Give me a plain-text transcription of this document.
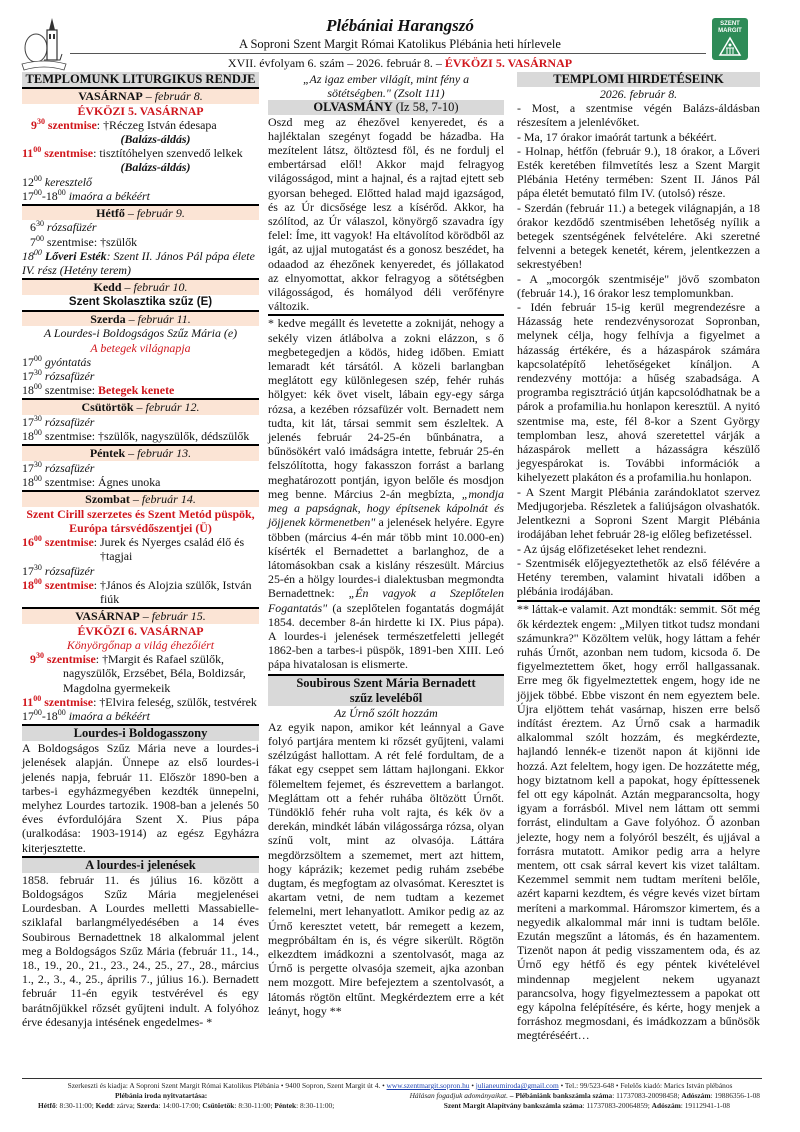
Plébániai Harangszó
A Soproni Szent Margit Római Katolikus Plébánia heti hírlevele
XVII. évfolyam 6. szám – 2026. február 8. – ÉVKÖZI 5. VASÁRNAP
SZENT MARGIT
TEMPLOMUNK LITURGIKUS RENDJE
VASÁRNAP – február 8.
ÉVKÖZI 5. VASÁRNAP
$9^{30}$ szentmise: †Réczeg István édesapa
(Balázs-áldás)
$11^{00}$ szentmise: tisztítóhelyen szenvedő lelkek
(Balázs-áldás)
$12^{00}$ keresztelő
$17^{00}-18^{00}$ imaóra a békéért
Hétfő – február 9.
$6^{30}$ rózsafüzér
$7^{00}$ szentmise: †szülők
$18^{00}$ Lőveri Esték: Szent II. János Pál pápa élete IV. rész (Hetény terem)
Kedd – február 10.
Szent Skolasztika szűz (E)
Szerda – február 11.
A Lourdes-i Boldogságos Szűz Mária (e)
A betegek világnapja
$17^{00}$ gyóntatás
$17^{30}$ rózsafüzér
$18^{00}$ szentmise: Betegek kenete
Csütörtök – február 12.
$17^{30}$ rózsafüzér
$18^{00}$ szentmise: †szülők, nagyszülők, dédszülők
Péntek – február 13.
$17^{30}$ rózsafüzér
$18^{00}$ szentmise: Ágnes unoka
Szombat – február 14.
Szent Cirill szerzetes és Szent Metód püspök, Európa társvédőszentjei (Ü)
$16^{00}$ szentmise: Jurek és Nyerges család élő és †tagjai
$17^{30}$ rózsafüzér
$18^{00}$ szentmise: †János és Alojzia szülők, István fiúk
VASÁRNAP – február 15.
ÉVKÖZI 6. VASÁRNAP
Könyörgőnap a világ éhezőiért
$9^{30}$ szentmise: †Margit és Rafael szülők, nagyszülők, Erzsébet, Béla, Boldizsár, Magdolna gyermekeik
$11^{00}$ szentmise: †Elvira feleség, szülők, testvérek
$17^{00}-18^{00}$ imaóra a békéért
Lourdes-i Boldogasszony

A Boldogságos Szűz Mária neve a lourdes-i jelenések alapján. Ünnepe az első lourdes-i jelenés napja, február 11. Először 1890-ben a tarbes-i egyházmegyében kezdték ünnepelni, melyhez Lourdes tartozik. 1908-ban a jelenés 50 éves évfordulójára Szent X. Pius pápa (uralkodása: 1903-1914) az egész Egyházra kiterjesztette.

A lourdes-i jelenések

1858. február 11. és július 16. között a Boldogságos Szűz Mária megjelenései Lourdesban. A Lourdes melletti Massabielle-sziklafal barlangmélyedésében a 14 éves Soubirous Bernadettnek 18 alkalommal jelent meg a Boldogságos Szűz Mária (február 11., 14., 18., 19., 20., 21., 23., 24., 25., 27., 28., március 1., 2., 3., 4., 25., április 7., július 16.). Bernadett február 11-én egyik testvérével és egy barátnőjükkel rőzsét gyűjteni indult. A folyóhoz érve édesanyja intésének engedelmes- *

„Az igaz ember világít, mint fény a sötétségben." (Zsolt 111)
OLVASMÁNY (Iz 58, 7-10)

Oszd meg az éhezővel kenyeredet, és a hajléktalan szegényt fogadd be házadba. Ha mezítelent látsz, öltöztesd föl, és ne fordulj el embertársad elől! Akkor majd felragyog világosságod, mint a hajnal, és a rajtad ejtett seb gyorsan beheged. Előtted halad majd igazságod, és az Úr dicsősége lesz a kísérőd. Akkor, ha szólítod, az Úr válaszol, könyörgő szavadra így felel: Íme, itt vagyok! Ha eltávolítod körödből az igát, az ujjal mutogatást és a gonosz beszédet, ha odaadod az éhezőnek kenyeredet, és jóllakatod az elnyomottat, akkor felragyog a sötétségben világosságod, és homályod déli verőfényre változik.

* kedve megállt és levetette a zokniját, nehogy a sekély vizen átlábolva a zokni elázzon, s ő megbetegedjen a ködös, hideg időben. Emiatt lemaradt két társától. A közeli barlangban meglátott egy különlegesen szép, fehér ruhás hölgyet: kék övet viselt, lábain egy-egy sárga rózsa, a kezében rózsafüzér volt. Bernadett nem tudta, kit lát, társai semmit sem észleltek. A jelenés február 24-25-én bűnbánatra, a bűnösökért való imádságra intette, február 25-én felszólította, hogy fakasszon forrást a barlang meghatározott pontján, igyon belőle és mosdjon meg benne. Március 2-án megbízta, „mondja meg a papságnak, hogy építsenek kápolnát és jöjjenek körmenetben" a jelenések helyére. Egyre többen (március 4-én már több mint 10.000-en) kísérték el Bernadettet a barlanghoz, de a látomásokban csak a kislány részesült. Március 25-én a hölgy lourdes-i dialektusban megmondta Bernadettnek: „Én vagyok a Szeplőtelen Fogantatás" (a szeplőtelen fogantatás dogmáját 1854. december 8-án hirdette ki IX. Pius pápa). A lourdes-i jelenések természetfeletti jellegét 1862-ben a tarbes-i püspök, 1891-ben XIII. Leó pápa hivatalosan is elismerte.

Soubirous Szent Mária Bernadett szűz leveléből
Az Úrnő szólt hozzám

Az egyik napon, amikor két leánnyal a Gave folyó partjára mentem ki rőzsét gyűjteni, valami szélzúgást hallottam. A rét felé fordultam, de a fákat egy cseppet sem láttam hajlongani. Ekkor fölemeltem fejemet, és észrevettem a barlangot. Megláttam ott a fehér ruhába öltözött Úrnőt. Tündöklő fehér ruha volt rajta, és kék öv a derekán, mindkét lábán világossárga rózsa, olyan színű volt, mint az olvasója. Láttára megdörzsöltem a szememet, mert azt hittem, hogy káprázik; kezemet pedig ruhám zsebébe dugtam, és megfogtam az olvasómat. Keresztet is akartam vetni, de nem tudtam a kezemet felemelni, mert lehanyatlott. Amikor pedig az az Úrnő keresztet vetett, bár remegett a kezem, megpróbáltam én is, és végre sikerült. Rögtön elkezdtem imádkozni a szentolvasót, maga az Úrnő is pergette olvasója szemeit, ajka azonban nem mozgott. Mire befejeztem a szentolvasót, a látomás rögtön eltűnt. Megkérdeztem erre a két leányt, hogy **

TEMPLOMI HIRDETÉSEINK
2026. február 8.

- Most, a szentmise végén Balázs-áldásban részesítem a jelenlévőket.

- Ma, 17 órakor imaórát tartunk a békéért.

- Holnap, hétfőn (február 9.), 18 órakor, a Lőveri Esték keretében filmvetítés lesz a Szent Margit Plébánia Hetény termében: Szent II. János Pál pápa életét bemutató film IV. (utolsó) része.

- Szerdán (február 11.) a betegek világnapján, a 18 órakor kezdődő szentmisében lehetőség nyílik a betegek szentségének felvételére. Aki szeretné felvenni a betegek kenetét, kérem, jelentkezzen a sekrestyében!

- A „mocorgók szentmiséje" jövő szombaton (február 14.), 16 órakor lesz templomunkban.

- Idén február 15-ig kerül megrendezésre a Házasság hete rendezvénysorozat Sopronban, melynek célja, hogy felhívja a figyelmet a házasság értékére, és a házaspárok számára kapcsolatépítő lehetőségeket kínáljon. A rendezvény mottója: a hűség szabadsága. A programba regisztráció útján kapcsolódhatnak be a párok a profamilia.hu honlapon keresztül. A nyitó szentmise ma, este, fél 8-kor a Szent György templomban lesz, ahová szeretettel várják a házaspárok mellett a házasságra készülő jegyespárokat is. További információk a kihelyezett plakáton és a profamilia.hu honlapon.

- A Szent Margit Plébánia zarándoklatot szervez Medjugorjeba. Részletek a faliújságon olvashatók. Jelentkezni a Soproni Szent Margit Plébánia irodájában lehet február 28-ig előleg befizetéssel.

- Az újság előfizetéseket lehet rendezni.

- Szentmisék előjegyeztethetők az első félévére a Hetény teremben, valamint hivatali időben a plébánia irodájában.

** láttak-e valamit. Azt mondták: semmit. Sőt még ők kérdeztek engem: „Milyen titkot tudsz mondani számunkra?" Közöltem velük, hogy láttam a fehér ruhás Úrnőt, azonban nem tudom, kicsoda ő. De figyelmeztettem őket, hogy erről hallgassanak. Erre meg ők figyelmeztettek engem, hogy ide ne jöjjek többé. Ebbe viszont én nem egyeztem bele. Újra eljöttem tehát vasárnap, hiszen erre belső indítást éreztem. Az Úrnő csak a harmadik alkalommal szólt hozzám, és megkérdezte, hajlandó lennék-e tizenöt napon át kijönni ide hozzá. Azt feleltem, hogy igen. De hozzátette még, hogy biztatnom kell a papokat, hogy építtessenek fel ott egy kápolnát. Aztán megparancsolta, hogy igyam a forrásból. Mivel nem láttam ott semmi forrást, elindultam a Gave folyóhoz. Ő azonban jelezte, hogy nem a folyóról beszélt, és ujjával a forrásra mutatott. Amikor pedig arra a helyre mentem, ott csak sárral kevert kis vizet találtam. Kezemmel semmit nem tudtam meríteni belőle, azért kaparni kezdtem, és végre kevés vizet bírtam meríteni a markommal. Háromszor kimertem, és a negyedik alkalommal már inni is tudtam belőle. Ezután megszűnt a látomás, és én hazamentem. Tizenöt napon át pedig visszamentem oda, és az Úrnő egy hétfő és egy péntek kivételével mindennap megjelent nekem ugyanazt parancsolva, hogy figyelmeztessem a papokat ott egy kápolna felépítésére, és kérte, hogy menjek a forráshoz megmosdani, és imádkozzam a bűnösök megtéréséért…

Szerkeszti és kiadja: A Soproni Szent Margit Római Katolikus Plébánia • 9400 Sopron, Szent Margit út 4. • www.szentmargit.sopron.hu • julianeumiroda@gmail.com • Tel.: 99/523-648 • Felelős kiadó: Marics István plébános
Plébánia iroda nyitvatartása:	Hálásan fogadjuk adományaikat. – Plébániánk bankszámla száma: 11737083-20098458; Adószám: 19886356-1-08
Hétfő: 8:30-11:00; Kedd: zárva; Szerda: 14:00-17:00; Csütörtök: 8:30-11:00; Péntek: 8:30-11:00;	Szent Margit Alapítvány bankszámla száma: 11737083-20064859; Adószám: 19112941-1-08
